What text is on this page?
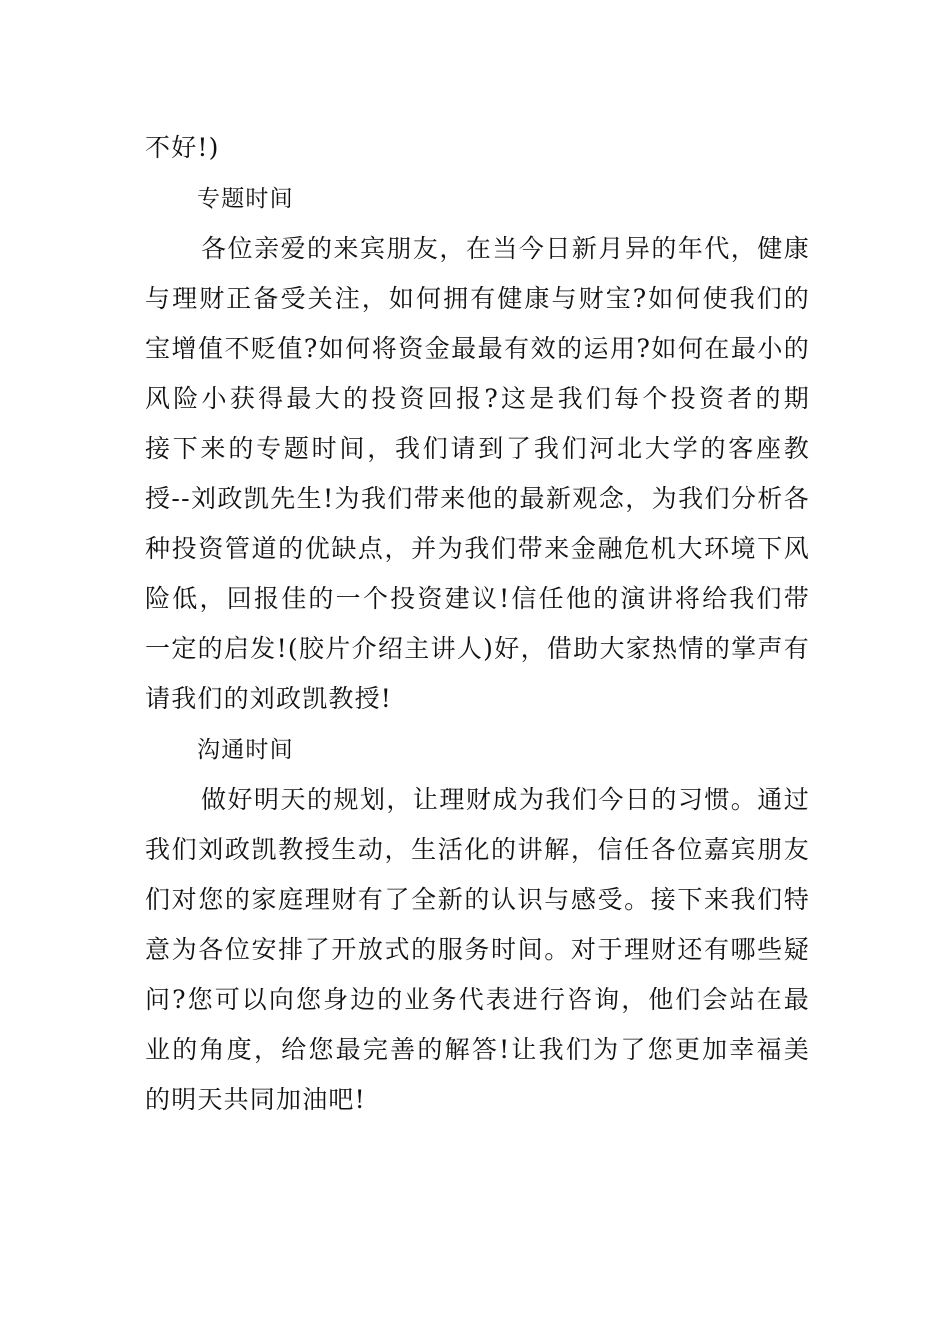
不好!)
专题时间
各位亲爱的来宾朋友，在当今日新月异的年代，健康
与理财正备受关注，如何拥有健康与财宝?如何使我们的
宝增值不贬值?如何将资金最最有效的运用?如何在最小的
风险小获得最大的投资回报?这是我们每个投资者的期
接下来的专题时间，我们请到了我们河北大学的客座教
授--刘政凯先生!为我们带来他的最新观念，为我们分析各
种投资管道的优缺点，并为我们带来金融危机大环境下风
险低，回报佳的一个投资建议!信任他的演讲将给我们带
一定的启发!(胶片介绍主讲人)好，借助大家热情的掌声有
请我们的刘政凯教授!
沟通时间
做好明天的规划，让理财成为我们今日的习惯。通过
我们刘政凯教授生动，生活化的讲解，信任各位嘉宾朋友
们对您的家庭理财有了全新的认识与感受。接下来我们特
意为各位安排了开放式的服务时间。对于理财还有哪些疑
问?您可以向您身边的业务代表进行咨询，他们会站在最
业的角度，给您最完善的解答!让我们为了您更加幸福美
的明天共同加油吧!
